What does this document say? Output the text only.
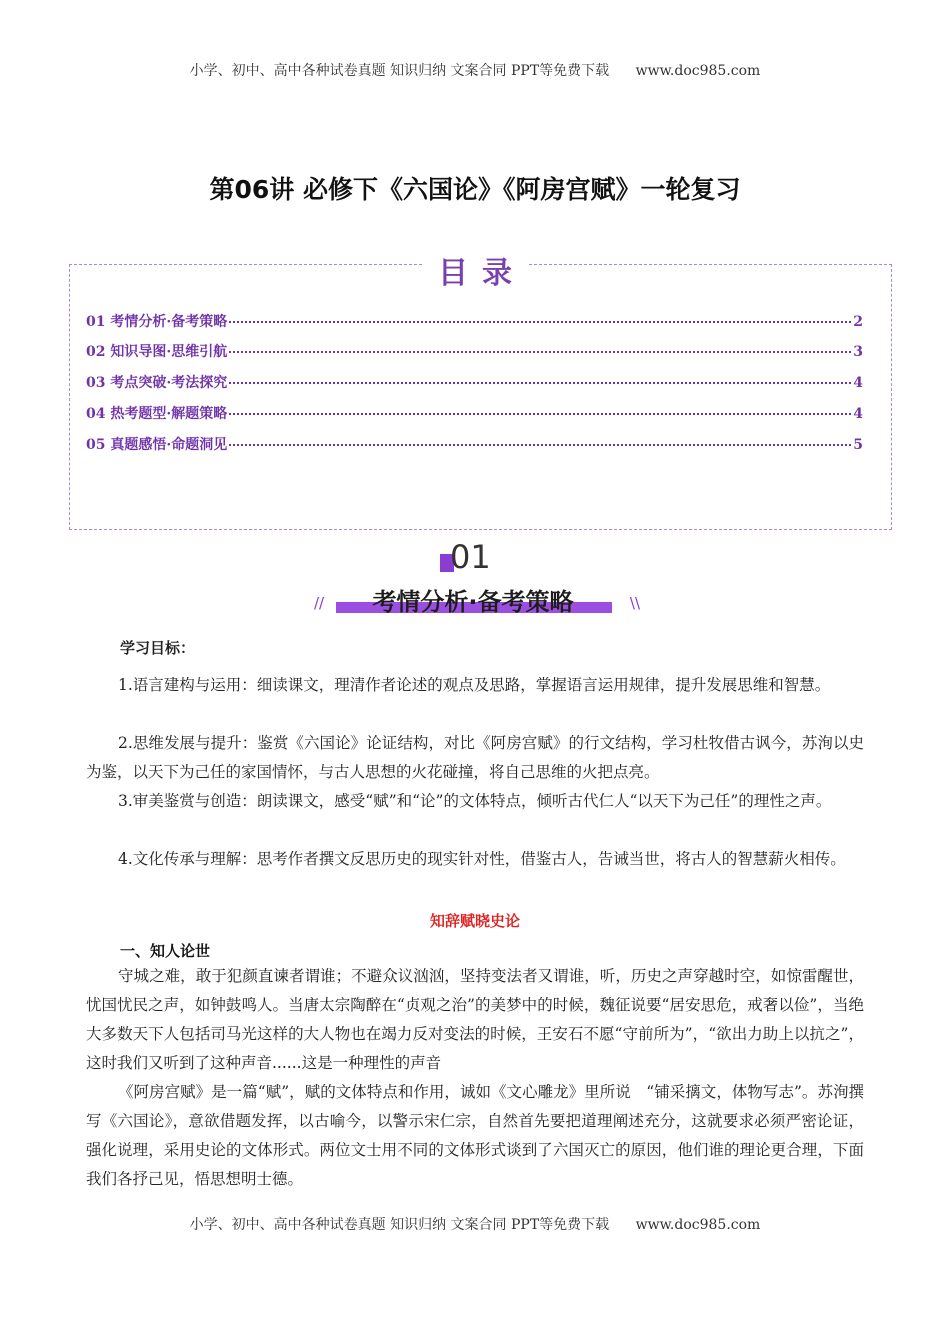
小学、初中、高中各种试卷真题 知识归纳 文案合同 PPT等免费下载 www.doc985.com
第06讲 必修下《六国论》《阿房宫赋》一轮复习
目录
01 考情分析·备考策略	2
02 知识导图·思维引航	3
03 考点突破·考法探究	4
04 热考题型·解题策略	4
05 真题感悟·命题洞见	5
01
//	考情分析·备考策略	\\
学习目标：
1.语言建构与运用：细读课文，理清作者论述的观点及思路，掌握语言运用规律，提升发展思维和智慧。
2.思维发展与提升：鉴赏《六国论》论证结构，对比《阿房宫赋》的行文结构，学习杜牧借古讽今，苏洵以史为鉴，以天下为己任的家国情怀，与古人思想的火花碰撞，将自己思维的火把点亮。
3.审美鉴赏与创造：朗读课文，感受“赋”和“论”的文体特点，倾听古代仁人“以天下为己任”的理性之声。
4.文化传承与理解：思考作者撰文反思历史的现实针对性，借鉴古人，告诫当世，将古人的智慧薪火相传。
知辞赋晓史论
一、知人论世
守城之难，敢于犯颜直谏者谓谁；不避众议汹汹，坚持变法者又谓谁，听，历史之声穿越时空，如惊雷醒世，忧国忧民之声，如钟鼓鸣人。当唐太宗陶醉在“贞观之治”的美梦中的时候，魏征说要“居安思危，戒奢以俭”，当绝大多数天下人包括司马光这样的大人物也在竭力反对变法的时候，王安石不愿“守前所为”，“欲出力助上以抗之”，这时我们又听到了这种声音......这是一种理性的声音
《阿房宫赋》是一篇“赋”，赋的文体特点和作用，诚如《文心雕龙》里所说　“铺采摛文，体物写志”。苏洵撰写《六国论》，意欲借题发挥，以古喻今，以警示宋仁宗，自然首先要把道理阐述充分，这就要求必须严密论证，强化说理，采用史论的文体形式。两位文士用不同的文体形式谈到了六国灭亡的原因，他们谁的理论更合理，下面我们各抒己见，悟思想明士德。
小学、初中、高中各种试卷真题 知识归纳 文案合同 PPT等免费下载 www.doc985.com
